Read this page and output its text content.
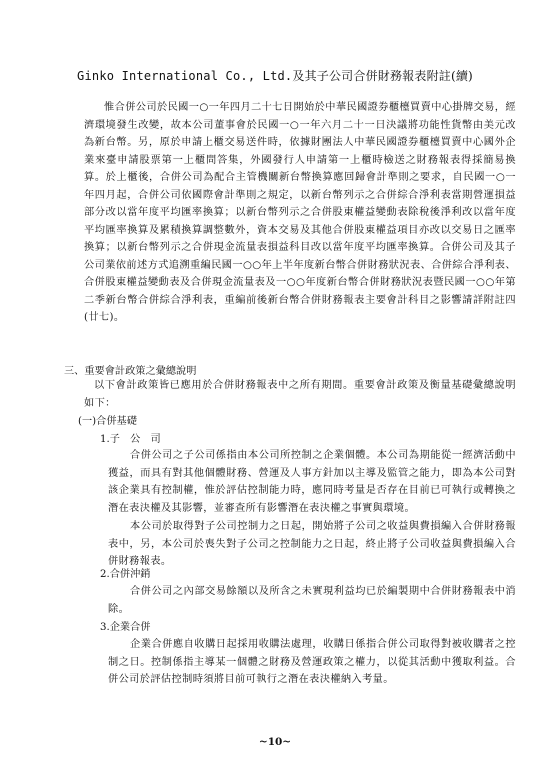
Ginko International Co., Ltd.及其子公司合併財務報表附註(續)
惟合併公司於民國一○一年四月二十七日開始於中華民國證券櫃檯買賣中心掛牌交易，經濟環境發生改變，故本公司董事會於民國一○一年六月二十一日決議將功能性貨幣由美元改為新台幣。另，原於申請上櫃交易送件時，依據財團法人中華民國證券櫃檯買賣中心國外企業來臺申請股票第一上櫃問答集，外國發行人申請第一上櫃時檢送之財務報表得採簡易換算。於上櫃後，合併公司為配合主管機關新台幣換算應回歸會計準則之要求，自民國一○一年四月起，合併公司依國際會計準則之規定，以新台幣列示之合併綜合淨利表當期營運損益部分改以當年度平均匯率換算；以新台幣列示之合併股東權益變動表除稅後淨利改以當年度平均匯率換算及累積換算調整數外，資本交易及其他合併股東權益項目亦改以交易日之匯率換算；以新台幣列示之合併現金流量表損益科目改以當年度平均匯率換算。合併公司及其子公司業依前述方式追溯重編民國一○○年上半年度新台幣合併財務狀況表、合併綜合淨利表、合併股東權益變動表及合併現金流量表及一○○年度新台幣合併財務狀況表暨民國一○○年第二季新台幣合併綜合淨利表，重編前後新台幣合併財務報表主要會計科目之影響請詳附註四(廿七)。
三、重要會計政策之彙總說明
以下會計政策皆已應用於合併財務報表中之所有期間。重要會計政策及衡量基礎彙總說明如下：
(一)合併基礎
1.子　公　司
合併公司之子公司係指由本公司所控制之企業個體。本公司為期能從一經濟活動中獲益，而具有對其他個體財務、營運及人事方針加以主導及監管之能力，即為本公司對該企業具有控制權，惟於評估控制能力時，應同時考量是否存在目前已可執行或轉換之潛在表決權及其影響，並審查所有影響潛在表決權之事實與環境。
本公司於取得對子公司控制力之日起，開始將子公司之收益與費損編入合併財務報表中，另，本公司於喪失對子公司之控制能力之日起，終止將子公司收益與費損編入合併財務報表。
2.合併沖銷
合併公司之內部交易餘額以及所含之未實現利益均已於編製期中合併財務報表中消除。
3.企業合併
企業合併應自收購日起採用收購法處理，收購日係指合併公司取得對被收購者之控制之日。控制係指主導某一個體之財務及營運政策之權力，以從其活動中獲取利益。合併公司於評估控制時須將目前可執行之潛在表決權納入考量。
~10~
